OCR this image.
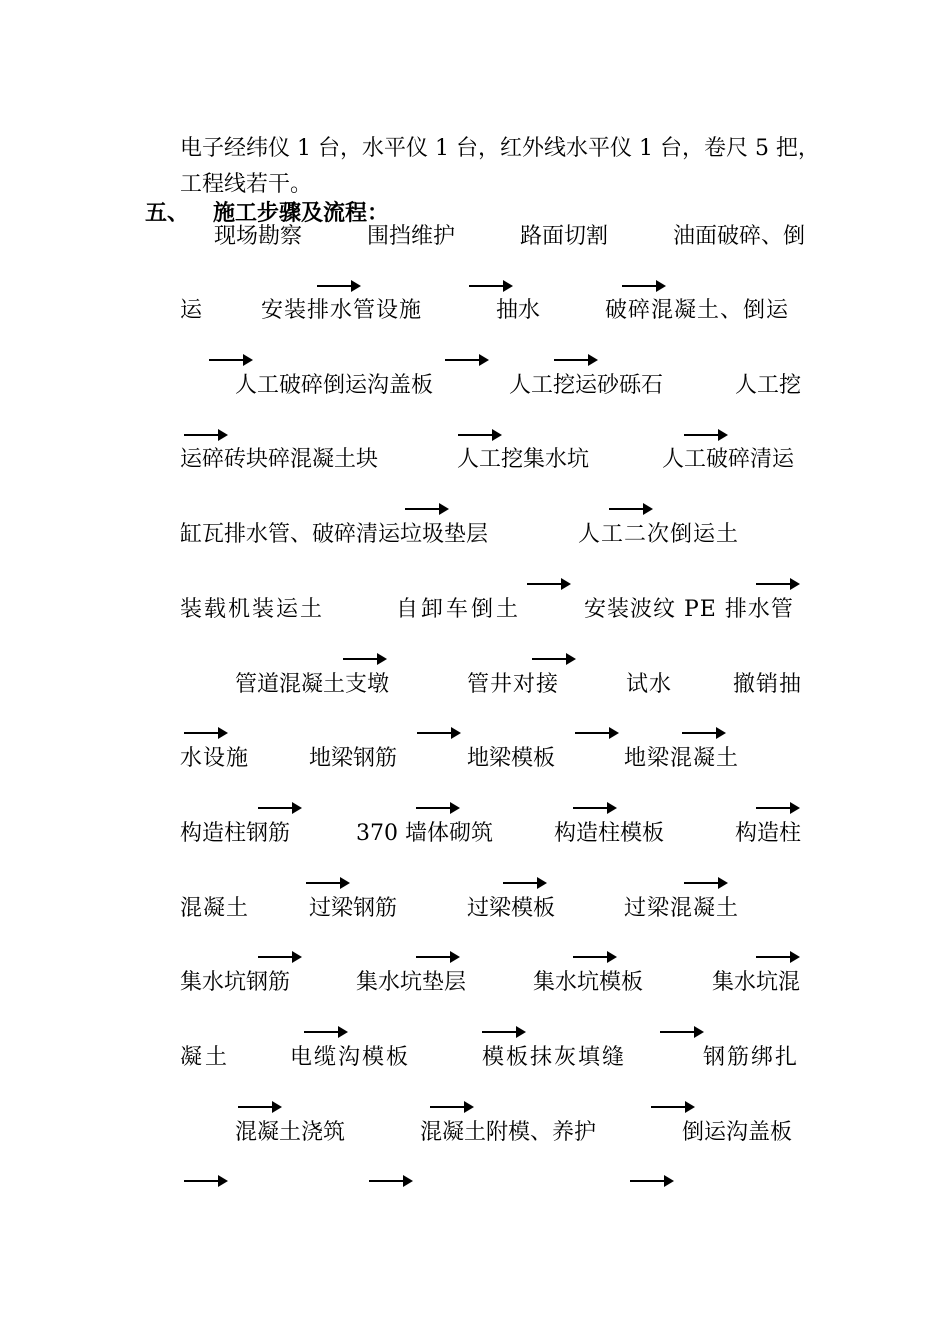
电子经纬仪 1 台，水平仪 1 台，红外线水平仪 1 台，卷尺 5 把，
工程线若干。
五、 施工步骤及流程：
现场勘察	围挡维护	路面切割	油面破碎、倒
运	安装排水管设施	抽水	破碎混凝土、倒运
人工破碎倒运沟盖板	人工挖运砂砾石	人工挖
运碎砖块碎混凝土块	人工挖集水坑	人工破碎清运
缸瓦排水管、破碎清运垃圾垫层	人工二次倒运土
装载机装运土	自卸车倒土	安装波纹 PE 排水管
管道混凝土支墩	管井对接	试水	撤销抽
水设施	地梁钢筋	地梁模板	地梁混凝土
构造柱钢筋	370 墙体砌筑	构造柱模板	构造柱
混凝土	过梁钢筋	过梁模板	过梁混凝土
集水坑钢筋	集水坑垫层	集水坑模板	集水坑混
凝土	电缆沟模板	模板抹灰填缝	钢筋绑扎
混凝土浇筑	混凝土附模、养护	倒运沟盖板
